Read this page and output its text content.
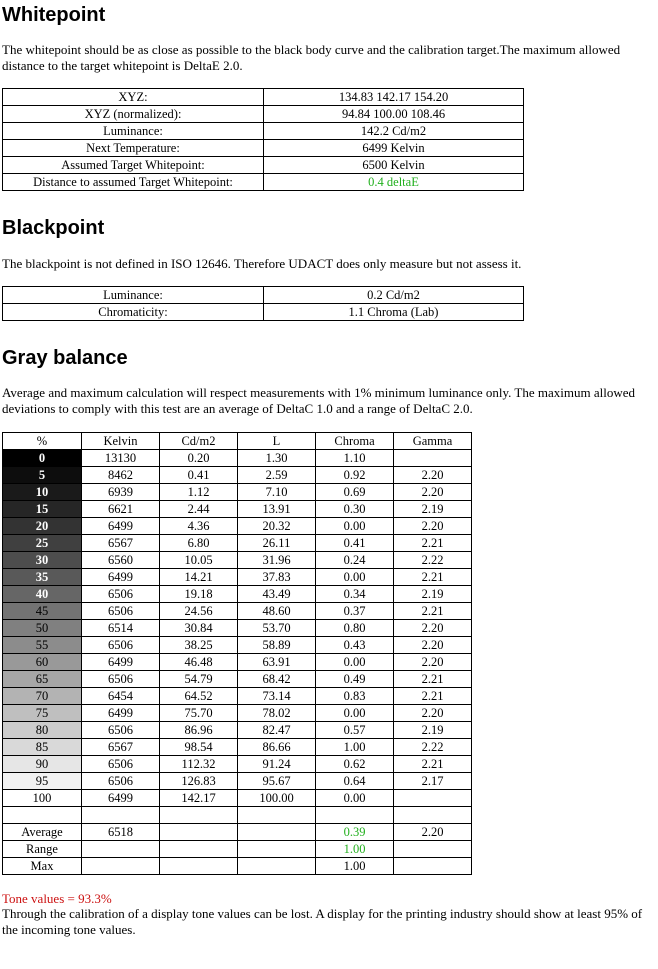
Whitepoint

The whitepoint should be as close as possible to the black body curve and the calibration target.The maximum allowed distance to the target whitepoint is DeltaE 2.0.

XYZ:	134.83 142.17 154.20
XYZ (normalized):	94.84 100.00 108.46
Luminance:	142.2 Cd/m2
Next Temperature:	6499 Kelvin
Assumed Target Whitepoint:	6500 Kelvin
Distance to assumed Target Whitepoint:	0.4 deltaE
Blackpoint

The blackpoint is not defined in ISO 12646. Therefore UDACT does only measure but not assess it.

Luminance:	0.2 Cd/m2
Chromaticity:	1.1 Chroma (Lab)
Gray balance

Average and maximum calculation will respect measurements with 1% minimum luminance only. The maximum allowed deviations to comply with this test are an average of DeltaC 1.0 and a range of DeltaC 2.0.

%	Kelvin	Cd/m2	L	Chroma	Gamma
0	13130	0.20	1.30	1.10	
5	8462	0.41	2.59	0.92	2.20
10	6939	1.12	7.10	0.69	2.20
15	6621	2.44	13.91	0.30	2.19
20	6499	4.36	20.32	0.00	2.20
25	6567	6.80	26.11	0.41	2.21
30	6560	10.05	31.96	0.24	2.22
35	6499	14.21	37.83	0.00	2.21
40	6506	19.18	43.49	0.34	2.19
45	6506	24.56	48.60	0.37	2.21
50	6514	30.84	53.70	0.80	2.20
55	6506	38.25	58.89	0.43	2.20
60	6499	46.48	63.91	0.00	2.20
65	6506	54.79	68.42	0.49	2.21
70	6454	64.52	73.14	0.83	2.21
75	6499	75.70	78.02	0.00	2.20
80	6506	86.96	82.47	0.57	2.19
85	6567	98.54	86.66	1.00	2.22
90	6506	112.32	91.24	0.62	2.21
95	6506	126.83	95.67	0.64	2.17
100	6499	142.17	100.00	0.00	

Average	6518			0.39	2.20
Range				1.00	
Max				1.00	

Tone values = 93.3%

Through the calibration of a display tone values can be lost. A display for the printing industry should show at least 95% of the incoming tone values.
